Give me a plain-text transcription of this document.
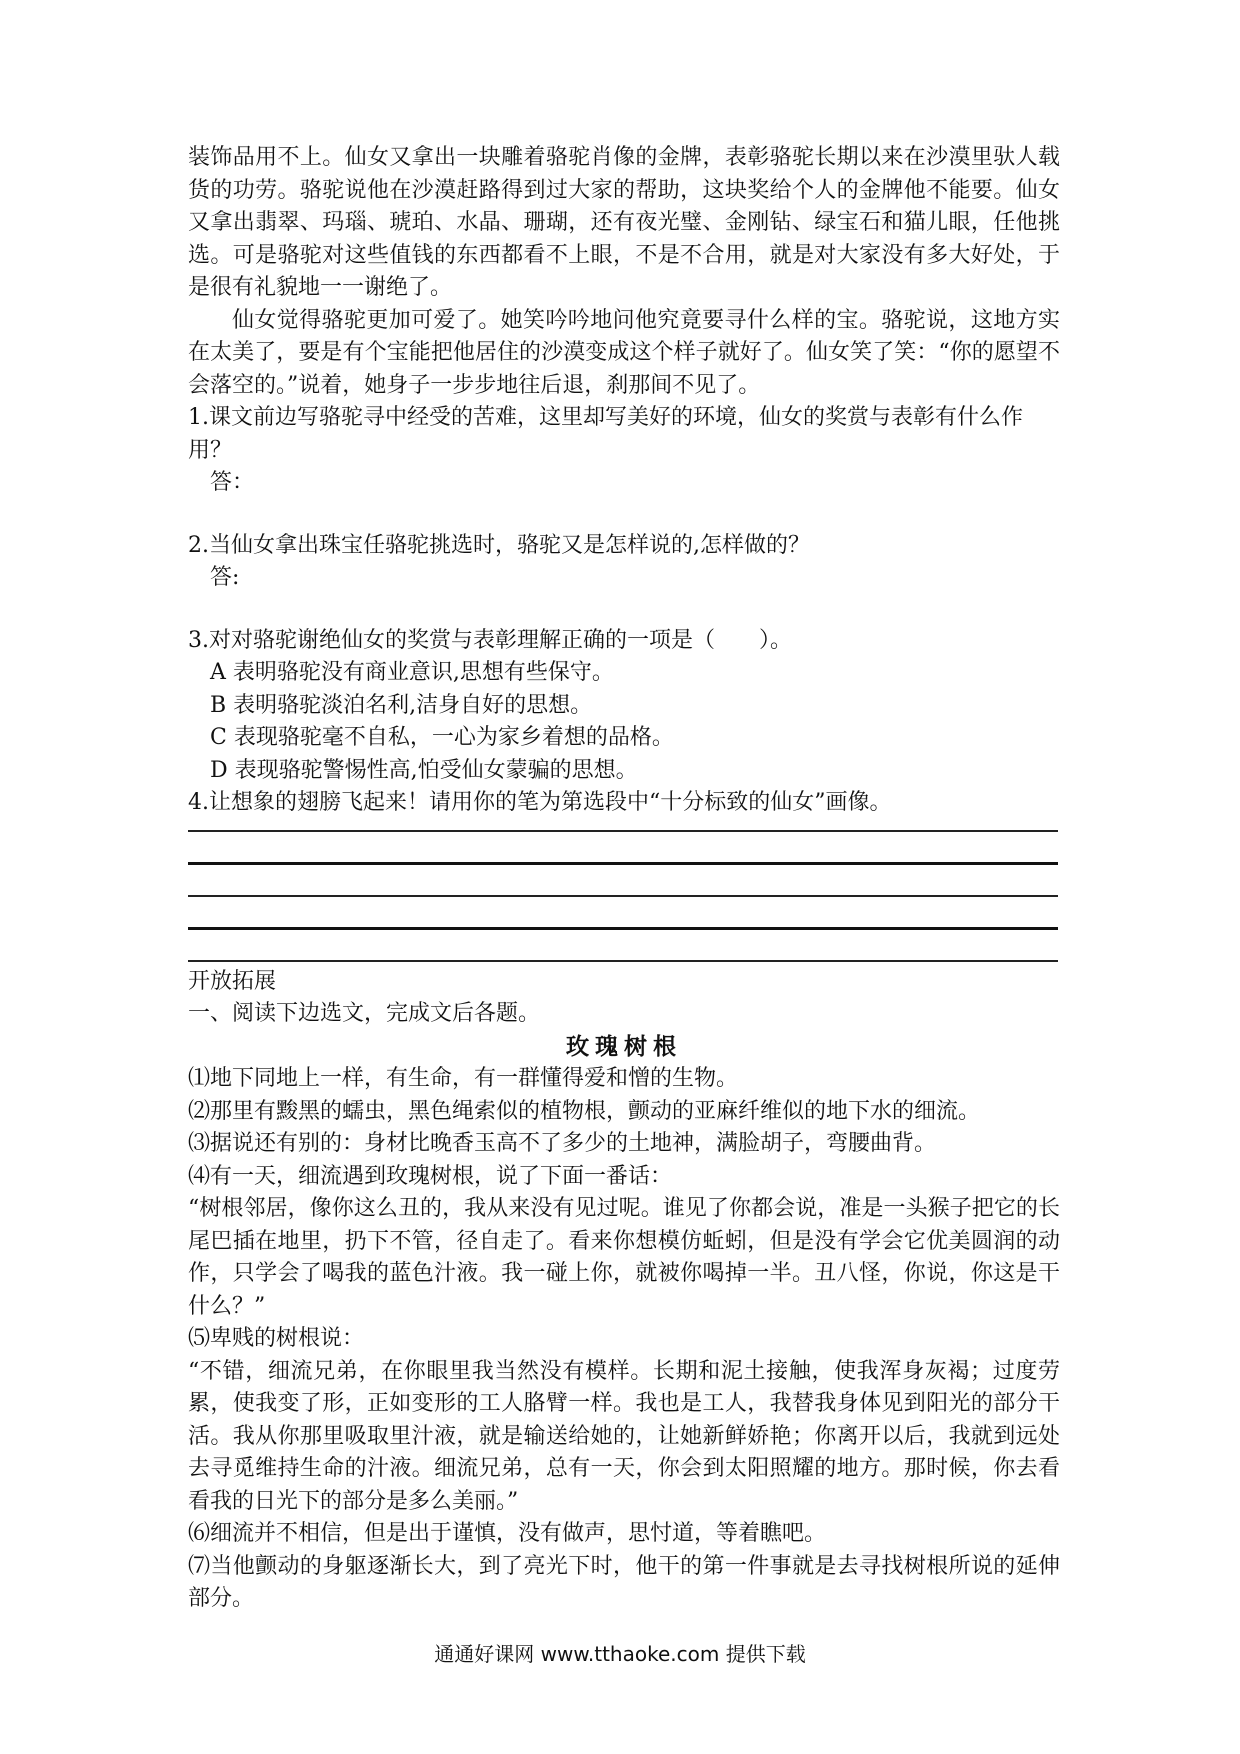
装饰品用不上。仙女又拿出一块雕着骆驼肖像的金牌，表彰骆驼长期以来在沙漠里驮人载货的功劳。骆驼说他在沙漠赶路得到过大家的帮助，这块奖给个人的金牌他不能要。仙女又拿出翡翠、玛瑙、琥珀、水晶、珊瑚，还有夜光璧、金刚钻、绿宝石和猫儿眼，任他挑选。可是骆驼对这些值钱的东西都看不上眼，不是不合用，就是对大家没有多大好处，于是很有礼貌地一一谢绝了。

仙女觉得骆驼更加可爱了。她笑吟吟地问他究竟要寻什么样的宝。骆驼说，这地方实在太美了，要是有个宝能把他居住的沙漠变成这个样子就好了。仙女笑了笑：“你的愿望不会落空的。”说着，她身子一步步地往后退，刹那间不见了。

1.课文前边写骆驼寻中经受的苦难，这里却写美好的环境，仙女的奖赏与表彰有什么作用？

答：

2.当仙女拿出珠宝任骆驼挑选时，骆驼又是怎样说的,怎样做的？

答:

3.对对骆驼谢绝仙女的奖赏与表彰理解正确的一项是（　　）。

A 表明骆驼没有商业意识,思想有些保守。

B 表明骆驼淡泊名利,洁身自好的思想。

C 表现骆驼毫不自私，一心为家乡着想的品格。

D 表现骆驼警惕性高,怕受仙女蒙骗的思想。

4.让想象的翅膀飞起来！请用你的笔为第选段中“十分标致的仙女”画像。

开放拓展

一、阅读下边选文，完成文后各题。

玫瑰树根

⑴地下同地上一样，有生命，有一群懂得爱和憎的生物。

⑵那里有黢黑的蠕虫，黑色绳索似的植物根，颤动的亚麻纤维似的地下水的细流。

⑶据说还有别的：身材比晚香玉高不了多少的土地神，满脸胡子，弯腰曲背。

⑷有一天，细流遇到玫瑰树根，说了下面一番话：

“树根邻居，像你这么丑的，我从来没有见过呢。谁见了你都会说，准是一头猴子把它的长尾巴插在地里，扔下不管，径自走了。看来你想模仿蚯蚓，但是没有学会它优美圆润的动作，只学会了喝我的蓝色汁液。我一碰上你，就被你喝掉一半。丑八怪，你说，你这是干什么？”

⑸卑贱的树根说：

“不错，细流兄弟，在你眼里我当然没有模样。长期和泥土接触，使我浑身灰褐；过度劳累，使我变了形，正如变形的工人胳臂一样。我也是工人，我替我身体见到阳光的部分干活。我从你那里吸取里汁液，就是输送给她的，让她新鲜娇艳；你离开以后，我就到远处去寻觅维持生命的汁液。细流兄弟，总有一天，你会到太阳照耀的地方。那时候，你去看看我的日光下的部分是多么美丽。”

⑹细流并不相信，但是出于谨慎，没有做声，思忖道，等着瞧吧。

⑺当他颤动的身躯逐渐长大，到了亮光下时，他干的第一件事就是去寻找树根所说的延伸部分。

通通好课网 www.tthaoke.com 提供下载
